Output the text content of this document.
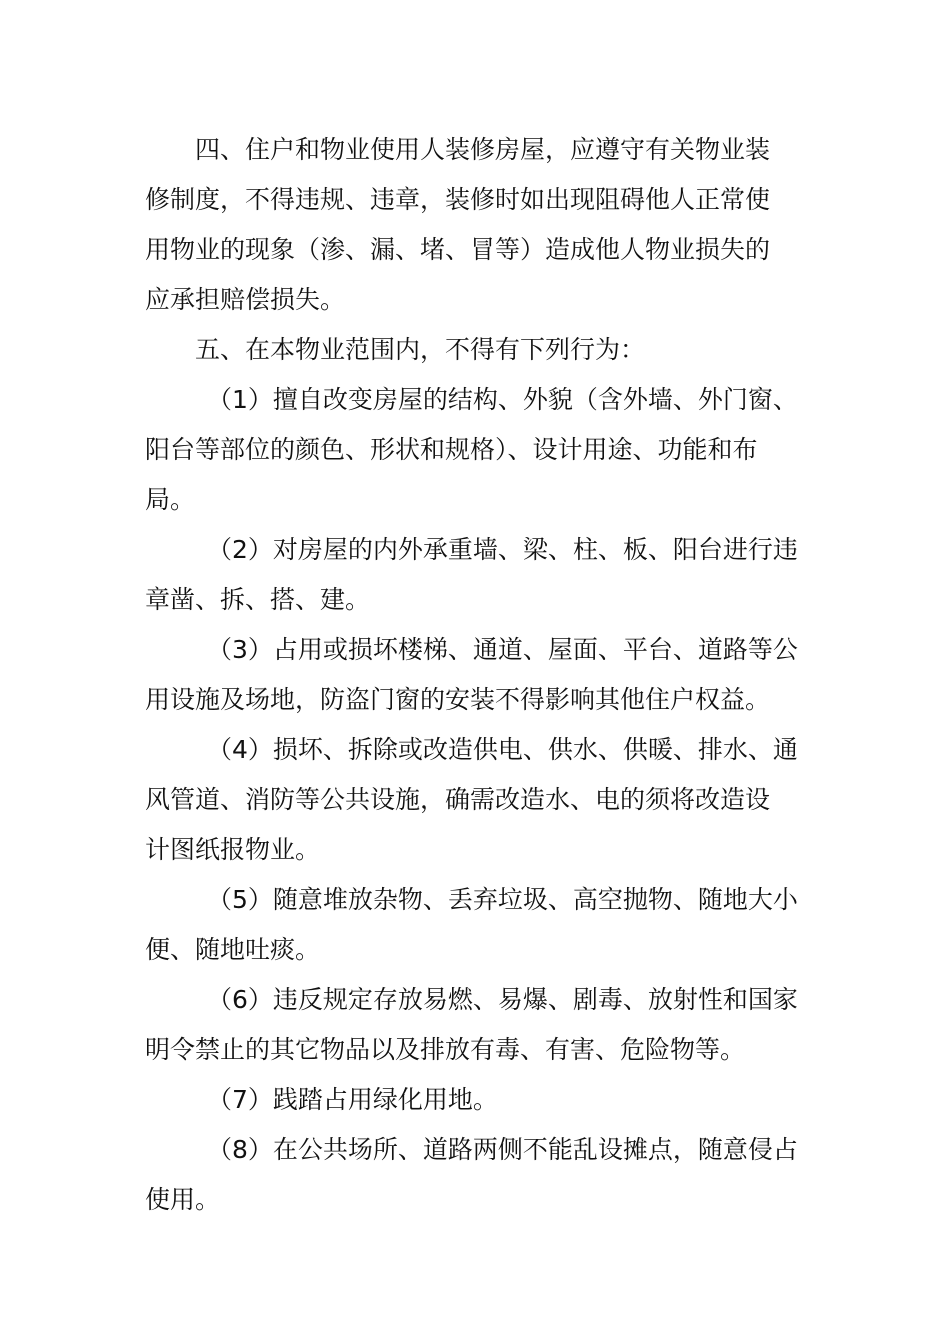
四、住户和物业使用人装修房屋，应遵守有关物业装
修制度，不得违规、违章，装修时如出现阻碍他人正常使
用物业的现象（渗、漏、堵、冒等）造成他人物业损失的
应承担赔偿损失。
五、在本物业范围内，不得有下列行为：
（1）擅自改变房屋的结构、外貌（含外墙、外门窗、
阳台等部位的颜色、形状和规格）、设计用途、功能和布
局。
（2）对房屋的内外承重墙、梁、柱、板、阳台进行违
章凿、拆、搭、建。
（3）占用或损坏楼梯、通道、屋面、平台、道路等公
用设施及场地，防盗门窗的安装不得影响其他住户权益。
（4）损坏、拆除或改造供电、供水、供暖、排水、通
风管道、消防等公共设施，确需改造水、电的须将改造设
计图纸报物业。
（5）随意堆放杂物、丢弃垃圾、高空抛物、随地大小
便、随地吐痰。
（6）违反规定存放易燃、易爆、剧毒、放射性和国家
明令禁止的其它物品以及排放有毒、有害、危险物等。
（7）践踏占用绿化用地。
（8）在公共场所、道路两侧不能乱设摊点，随意侵占
使用。
